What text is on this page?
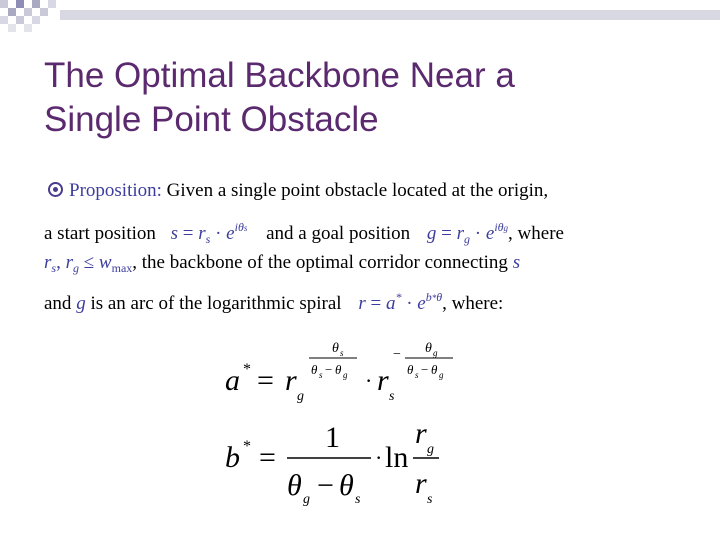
The Optimal Backbone Near a
Single Point Obstacle
Proposition: Given a single point obstacle located at the origin,
a start position $s = r_s \cdot e^{i\theta s}$ and a goal position $g = r_g \cdot e^{i\theta g}$, where
$r_s$, $r_g \le w_{max}$, the backbone of the optimal corridor connecting s
and g is an arc of the logarithmic spiral $r = a^* \cdot e^{b*\theta}$, where:
a * = r g
θ s
θ s − θ g · r s
− θ g
θ s − θ g
b * =
1
θ g − θ s
· ln
r g
r s
